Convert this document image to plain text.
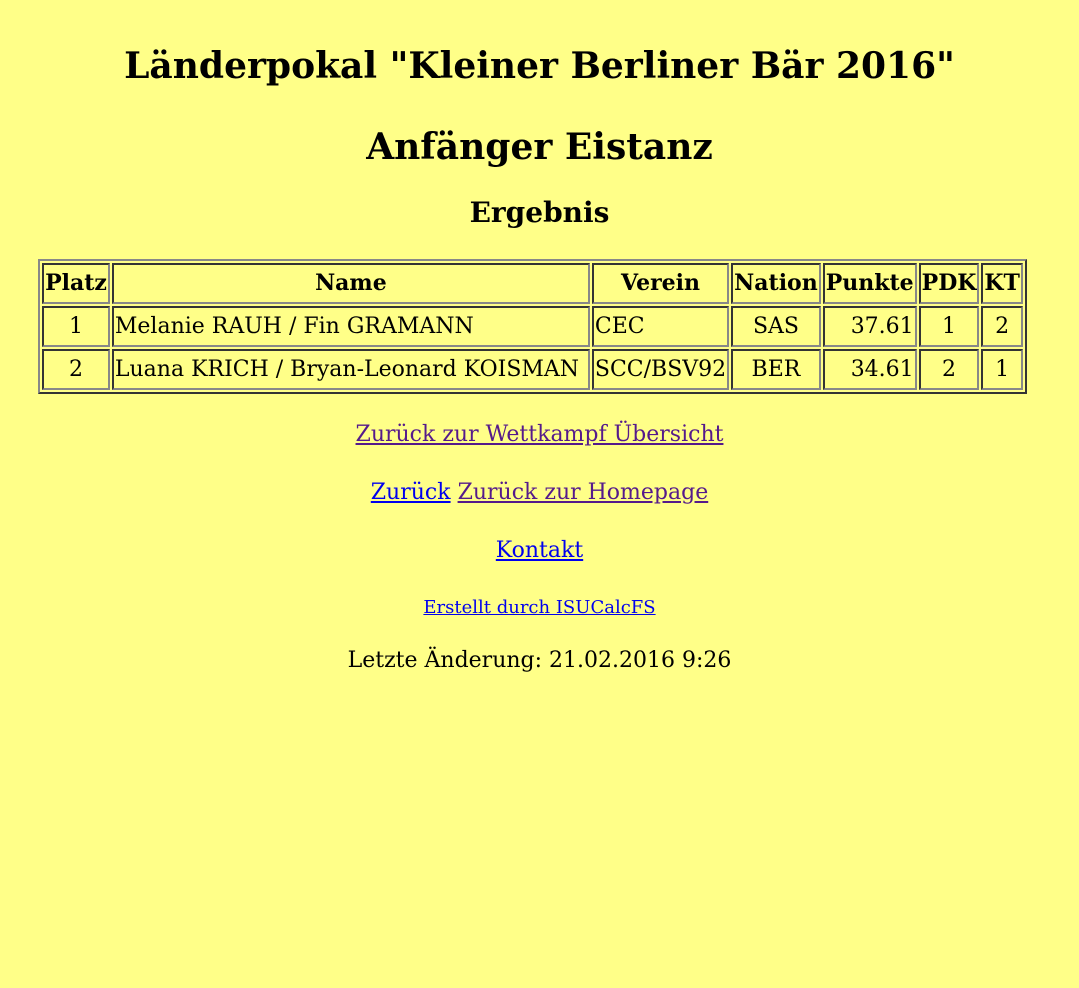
Länderpokal "Kleiner Berliner Bär 2016"
Anfänger Eistanz
Ergebnis
Platz	Name	Verein	Nation	Punkte	PDK	KT
1	Melanie RAUH / Fin GRAMANN	CEC	SAS	37.61	1	2
2	Luana KRICH / Bryan-Leonard KOISMAN	SCC/BSV92	BER	34.61	2	1

Zurück zur Wettkampf Übersicht

Zurück Zurück zur Homepage

Kontakt

Erstellt durch ISUCalcFS

Letzte Änderung: 21.02.2016 9:26
